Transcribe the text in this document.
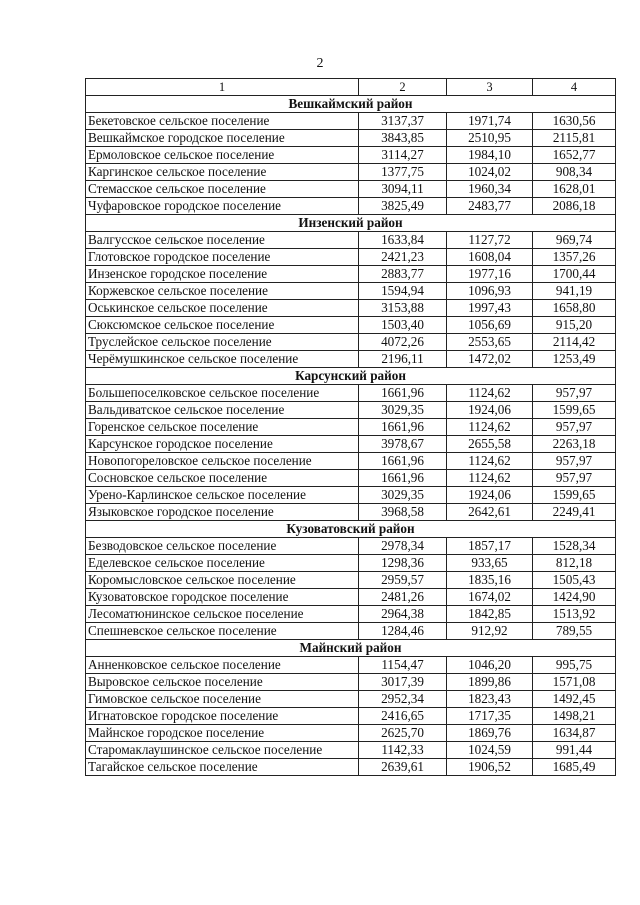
2
1	2	3	4
Вешкаймский район			
Бекетовское сельское поселение	3137,37	1971,74	1630,56
Вешкаймское городское поселение	3843,85	2510,95	2115,81
Ермоловское сельское поселение	3114,27	1984,10	1652,77
Каргинское сельское поселение	1377,75	1024,02	908,34
Стемасское сельское поселение	3094,11	1960,34	1628,01
Чуфаровское городское поселение	3825,49	2483,77	2086,18
Инзенский район			
Валгусское сельское поселение	1633,84	1127,72	969,74
Глотовское городское поселение	2421,23	1608,04	1357,26
Инзенское городское поселение	2883,77	1977,16	1700,44
Коржевское сельское поселение	1594,94	1096,93	941,19
Оськинское сельское поселение	3153,88	1997,43	1658,80
Сюксюмское сельское поселение	1503,40	1056,69	915,20
Труслейское сельское поселение	4072,26	2553,65	2114,42
Черёмушкинское сельское поселение	2196,11	1472,02	1253,49
Карсунский район			
Большепоселковское сельское поселение	1661,96	1124,62	957,97
Вальдиватское сельское поселение	3029,35	1924,06	1599,65
Горенское сельское поселение	1661,96	1124,62	957,97
Карсунское городское поселение	3978,67	2655,58	2263,18
Новопогореловское сельское поселение	1661,96	1124,62	957,97
Сосновское сельское поселение	1661,96	1124,62	957,97
Урено-Карлинское сельское поселение	3029,35	1924,06	1599,65
Языковское городское поселение	3968,58	2642,61	2249,41
Кузоватовский район			
Безводовское сельское поселение	2978,34	1857,17	1528,34
Еделевское сельское поселение	1298,36	933,65	812,18
Коромысловское сельское поселение	2959,57	1835,16	1505,43
Кузоватовское городское поселение	2481,26	1674,02	1424,90
Лесоматюнинское сельское поселение	2964,38	1842,85	1513,92
Спешневское сельское поселение	1284,46	912,92	789,55
Майнский район			
Анненковское сельское поселение	1154,47	1046,20	995,75
Выровское сельское поселение	3017,39	1899,86	1571,08
Гимовское сельское поселение	2952,34	1823,43	1492,45
Игнатовское городское поселение	2416,65	1717,35	1498,21
Майнское городское поселение	2625,70	1869,76	1634,87
Старомаклаушинское сельское поселение	1142,33	1024,59	991,44
Тагайское сельское поселение	2639,61	1906,52	1685,49
